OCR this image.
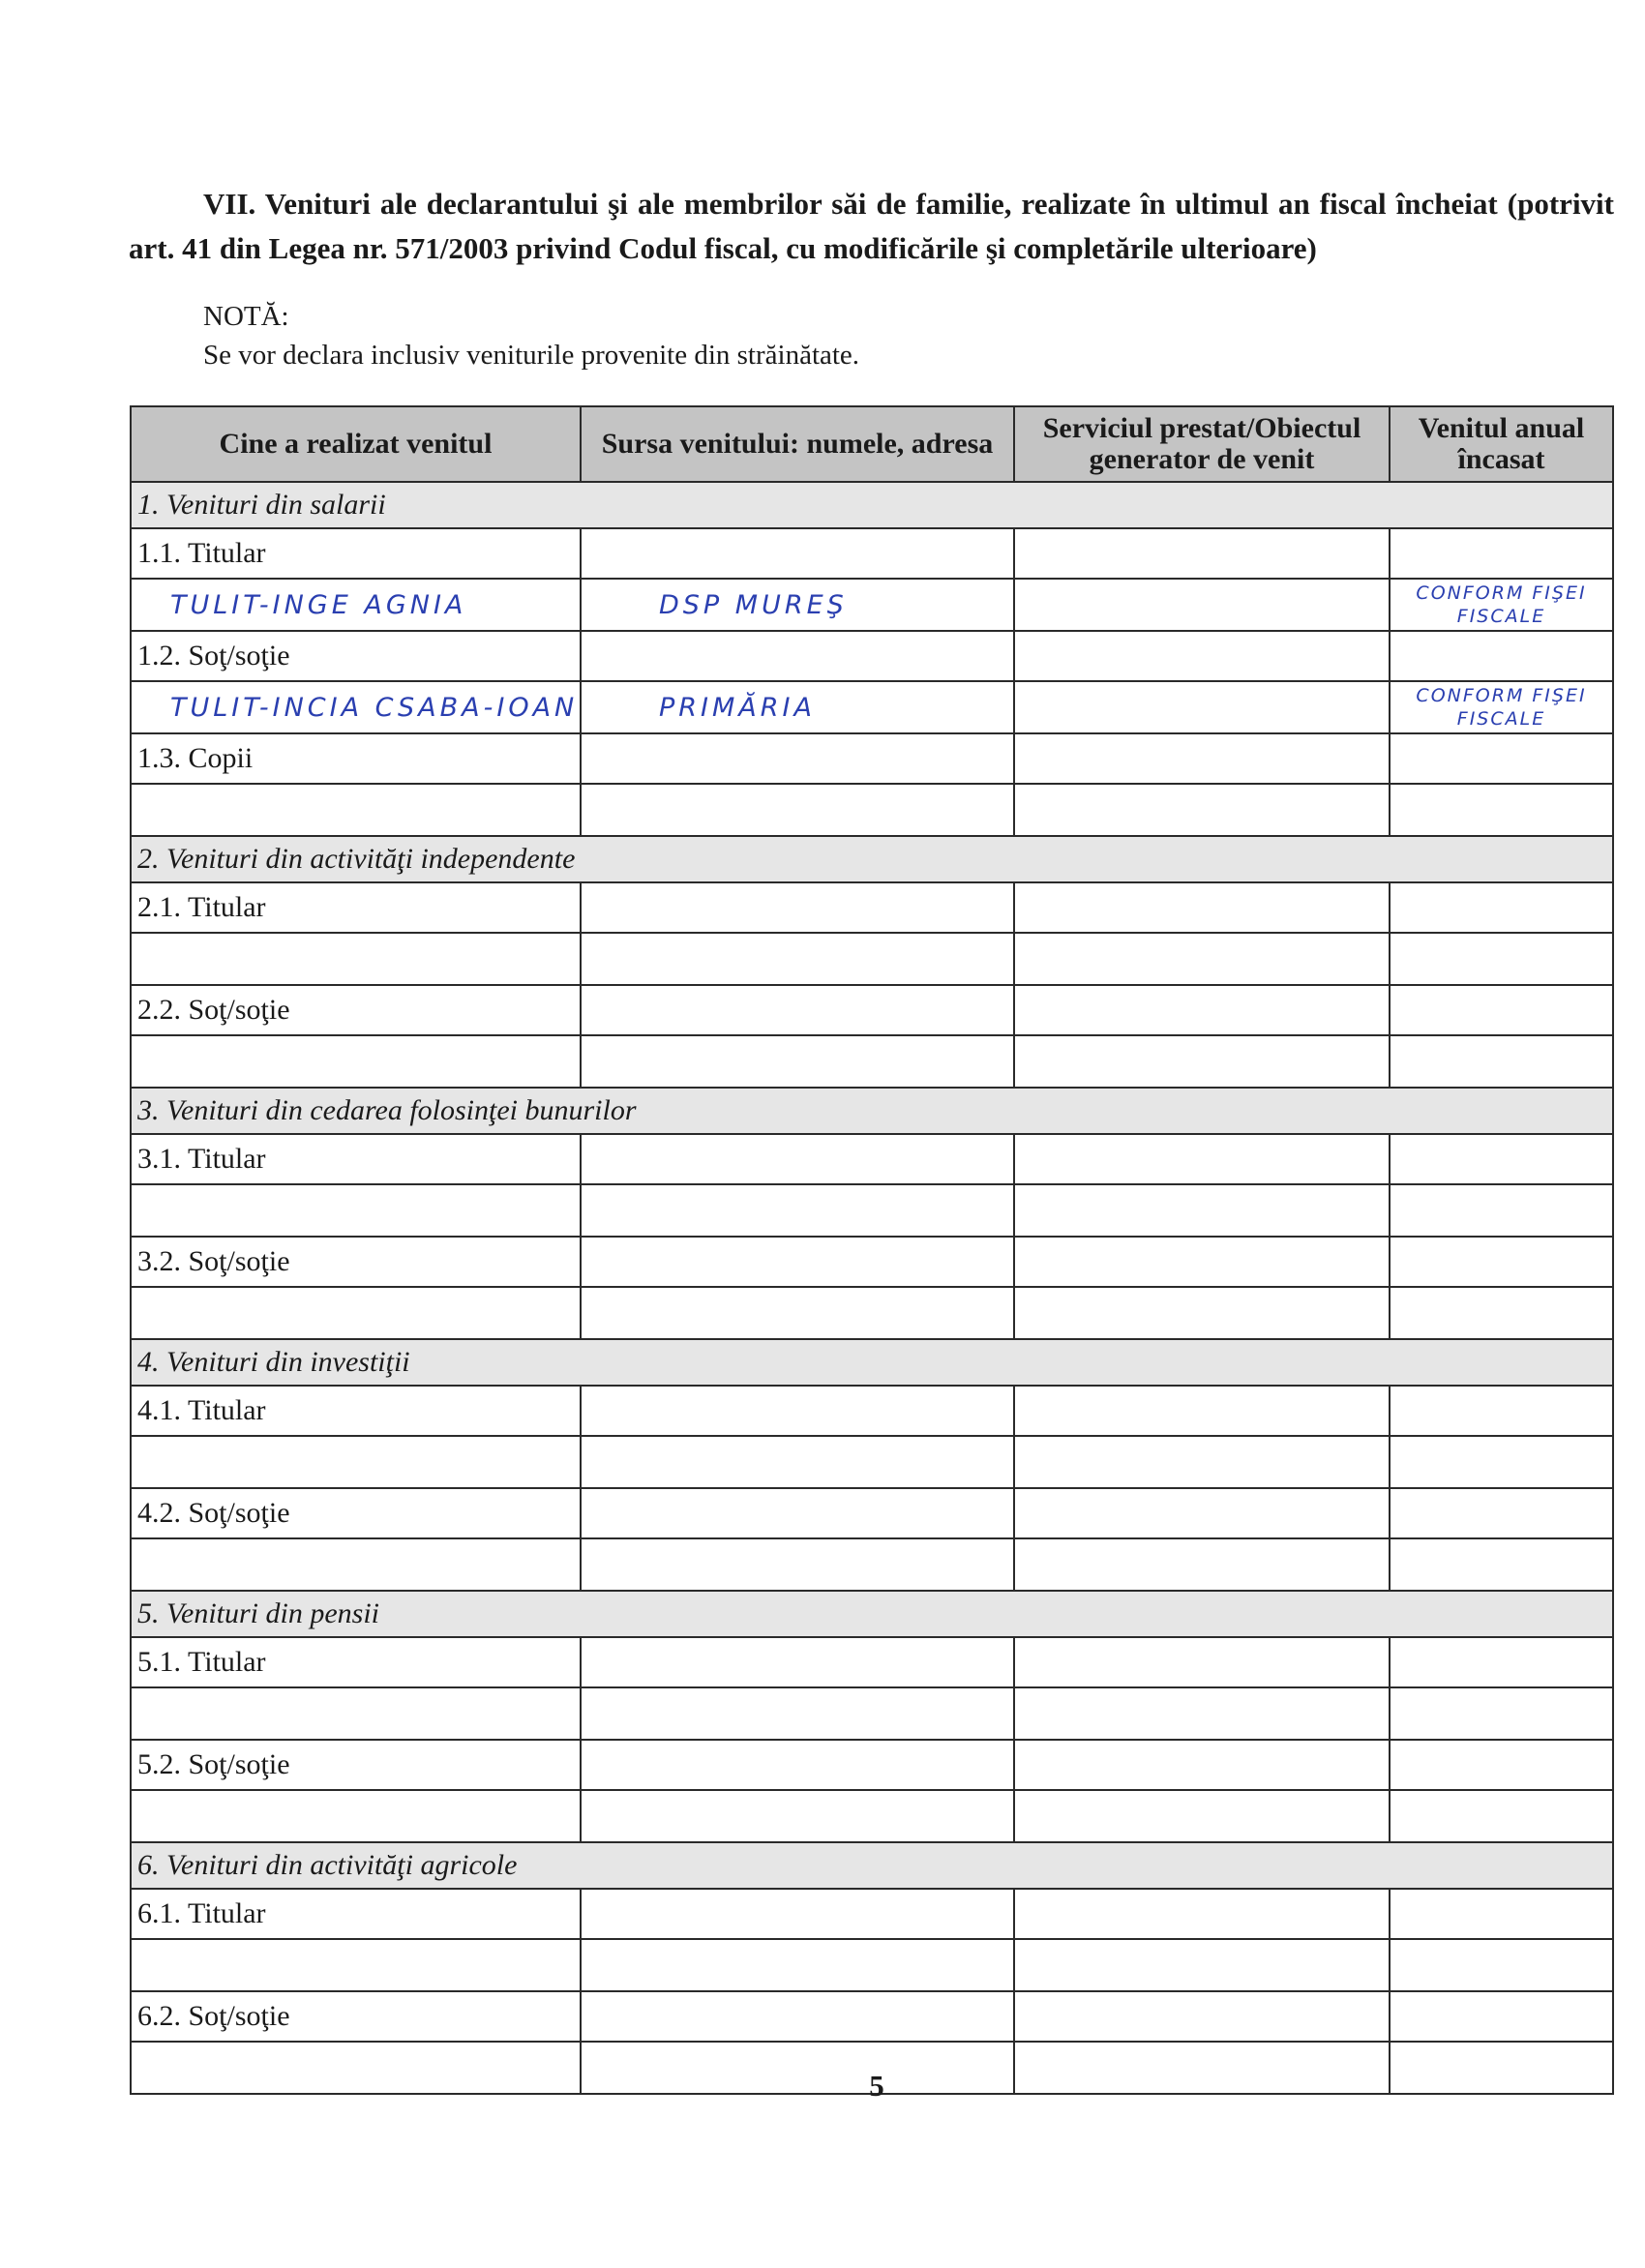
VII. Venituri ale declarantului şi ale membrilor săi de familie, realizate în ultimul an fiscal încheiat (potrivit art. 41 din Legea nr. 571/2003 privind Codul fiscal, cu modificările şi completările ulterioare)
NOTĂ:
Se vor declara inclusiv veniturile provenite din străinătate.
Cine a realizat venitul	Sursa venitului: numele, adresa	Serviciul prestat/Obiectul generator de venit	Venitul anual încasat
1. Venituri din salarii			
1.1. Titular			
TULIT-INGE AGNIA	DSP MUREŞ		CONFORM FIŞEI
FISCALE

1.2. Soţ/soţie			
TULIT-INCIA CSABA-IOAN	PRIMĂRIA		CONFORM FIŞEI
FISCALE

1.3. Copii			

2. Venituri din activităţi independente			
2.1. Titular			

2.2. Soţ/soţie			

3. Venituri din cedarea folosinţei bunurilor			
3.1. Titular			

3.2. Soţ/soţie			

4. Venituri din investiţii			
4.1. Titular			

4.2. Soţ/soţie			

5. Venituri din pensii			
5.1. Titular			

5.2. Soţ/soţie			

6. Venituri din activităţi agricole			
6.1. Titular			

6.2. Soţ/soţie			

5
